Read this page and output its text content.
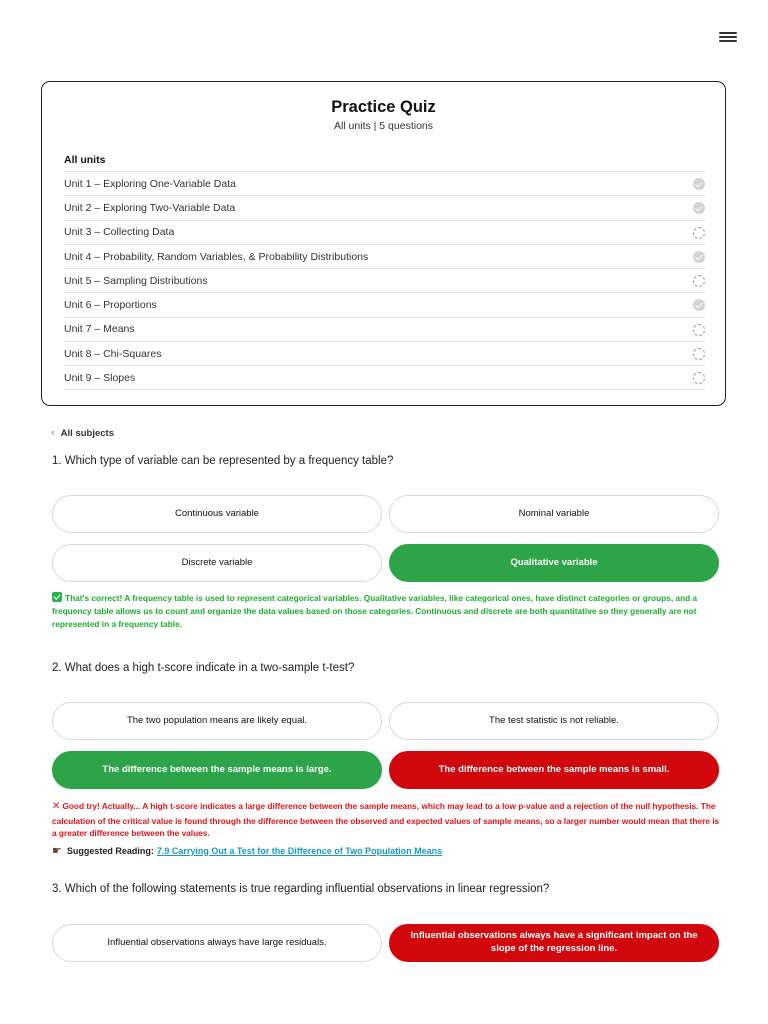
Practice Quiz
All units | 5 questions
All units
Unit 1 – Exploring One-Variable Data
Unit 2 – Exploring Two-Variable Data
Unit 3 – Collecting Data
Unit 4 – Probability, Random Variables, & Probability Distributions
Unit 5 – Sampling Distributions
Unit 6 – Proportions
Unit 7 – Means
Unit 8 – Chi-Squares
Unit 9 – Slopes
‹ All subjects
1. Which type of variable can be represented by a frequency table?
Continuous variable	Nominal variable
Discrete variable	Qualitative variable
That's correct! A frequency table is used to represent categorical variables. Qualitative variables, like categorical ones, have distinct categories or groups, and a frequency table allows us to count and organize the data values based on those categories. Continuous and discrete are both quantitative so they generally are not represented in a frequency table.
2. What does a high t-score indicate in a two-sample t-test?
The two population means are likely equal.	The test statistic is not reliable.
The difference between the sample means is large.	The difference between the sample means is small.
✕ Good try! Actually... A high t-score indicates a large difference between the sample means, which may lead to a low p-value and a rejection of the null hypothesis. The calculation of the critical value is found through the difference between the observed and expected values of sample means, so a larger number would mean that there is a greater difference between the values.
☛ Suggested Reading: 7.9 Carrying Out a Test for the Difference of Two Population Means
3. Which of the following statements is true regarding influential observations in linear regression?
Influential observations always have large residuals.
Influential observations always have a significant impact on the slope of the regression line.
